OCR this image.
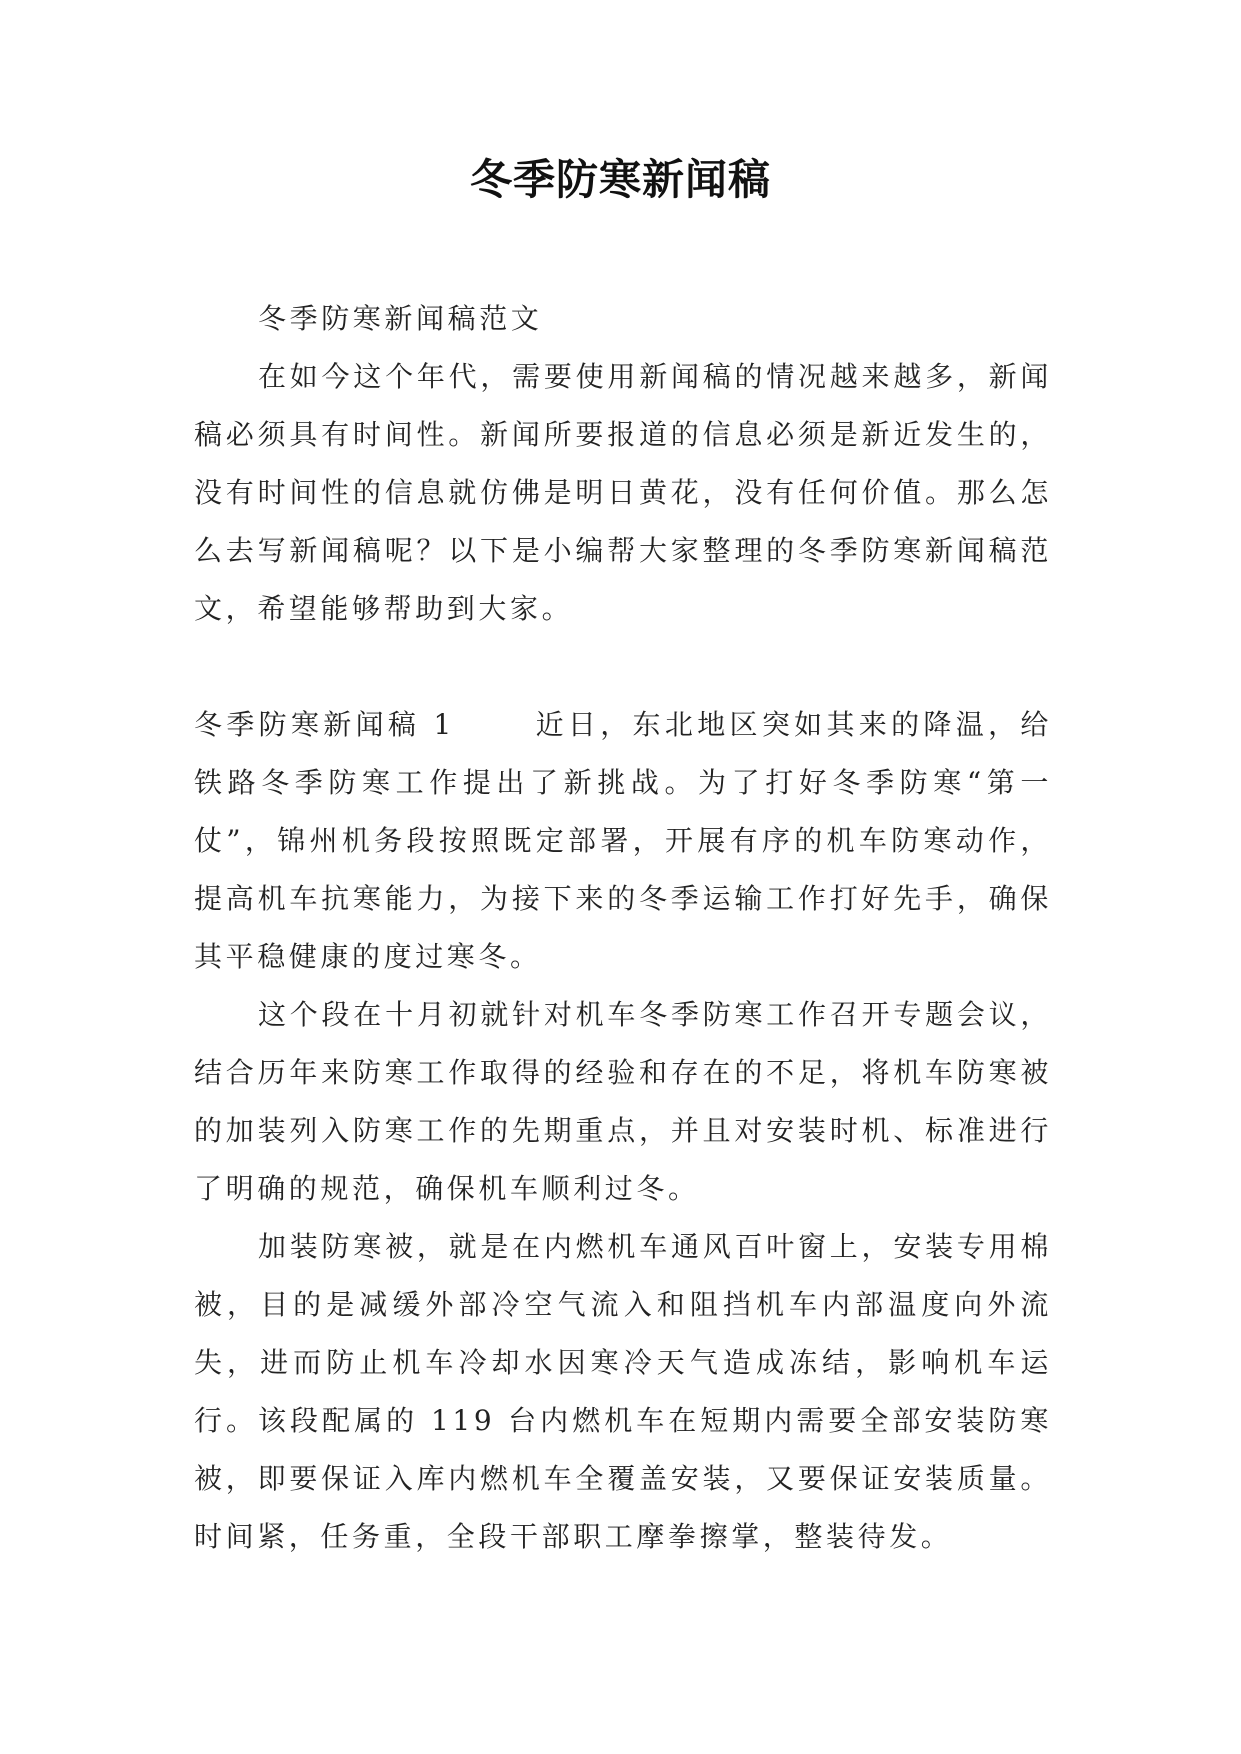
冬季防寒新闻稿

冬季防寒新闻稿范文

在如今这个年代，需要使用新闻稿的情况越来越多，新闻稿必须具有时间性。新闻所要报道的信息必须是新近发生的，没有时间性的信息就仿佛是明日黄花，没有任何价值。那么怎么去写新闻稿呢？以下是小编帮大家整理的冬季防寒新闻稿范文，希望能够帮助到大家。

冬季防寒新闻稿 1	近日，东北地区突如其来的降温，给铁路冬季防寒工作提出了新挑战。为了打好冬季防寒“第一仗”，锦州机务段按照既定部署，开展有序的机车防寒动作，提高机车抗寒能力，为接下来的冬季运输工作打好先手，确保其平稳健康的度过寒冬。

这个段在十月初就针对机车冬季防寒工作召开专题会议，结合历年来防寒工作取得的经验和存在的不足，将机车防寒被的加装列入防寒工作的先期重点，并且对安装时机、标准进行了明确的规范，确保机车顺利过冬。

加装防寒被，就是在内燃机车通风百叶窗上，安装专用棉被，目的是减缓外部冷空气流入和阻挡机车内部温度向外流失，进而防止机车冷却水因寒冷天气造成冻结，影响机车运行。该段配属的 119 台内燃机车在短期内需要全部安装防寒被，即要保证入库内燃机车全覆盖安装，又要保证安装质量。时间紧，任务重，全段干部职工摩拳擦掌，整装待发。
